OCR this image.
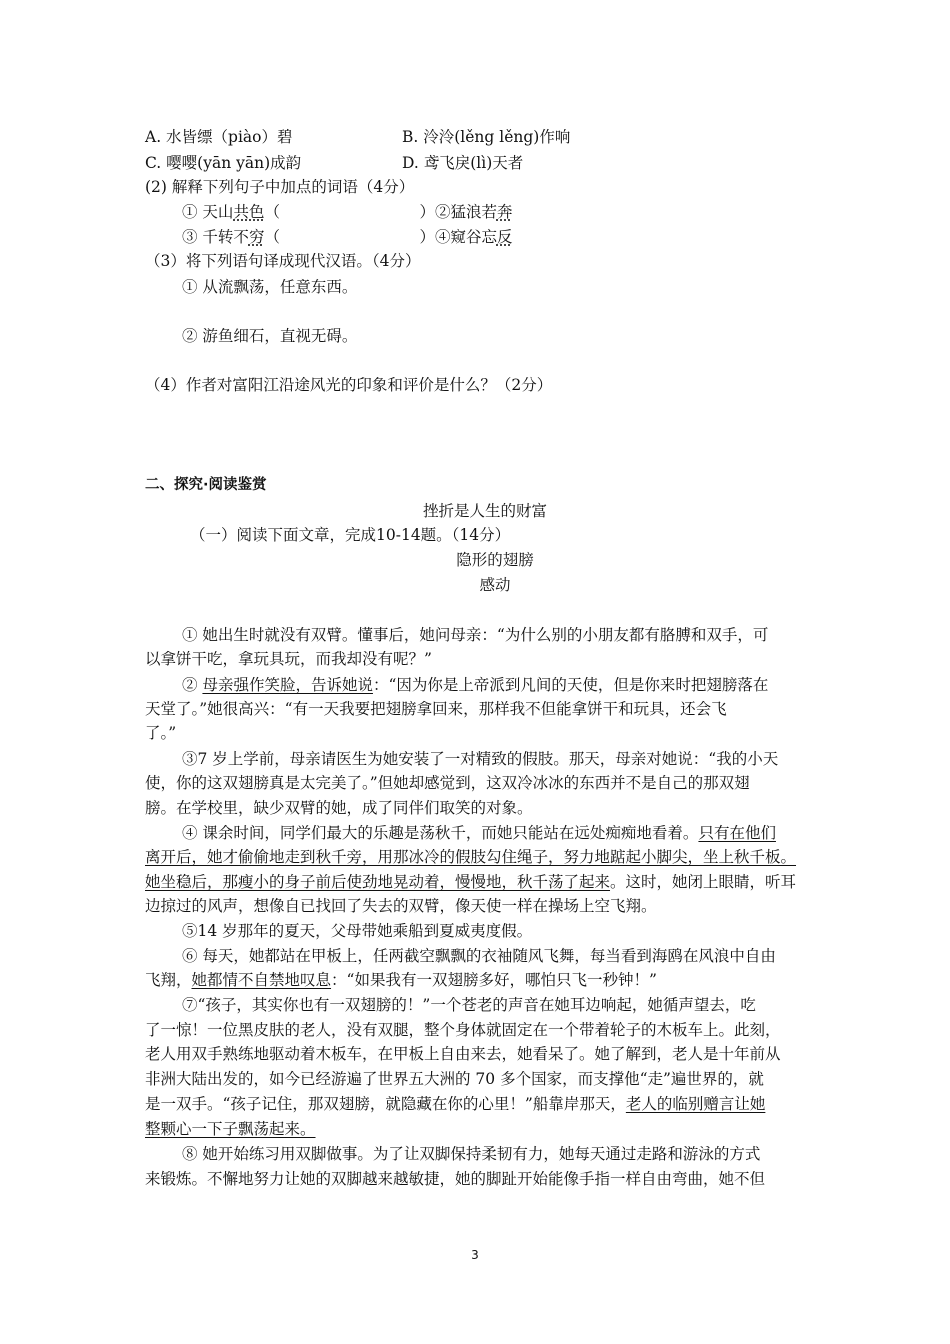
A. 水皆缥（piào）碧	B. 泠泠(lěng lěng)作响
C. 嘤嘤(yān yān)成韵	D. 鸢飞戾(lì)天者
(2) 解释下列句子中加点的词语（4分）
① 天山共色（　　　　　　　　　）②猛浪若奔
③ 千转不穷（　　　　　　　　　）④窥谷忘反
（3）将下列语句译成现代汉语。（4分）
① 从流飘荡，任意东西。
② 游鱼细石，直视无碍。
（4）作者对富阳江沿途风光的印象和评价是什么？（2分）
二、探究·阅读鉴赏
挫折是人生的财富
（一）阅读下面文章，完成10-14题。（14分）
隐形的翅膀
感动
① 她出生时就没有双臂。懂事后，她问母亲：“为什么别的小朋友都有胳膊和双手，可
以拿饼干吃，拿玩具玩，而我却没有呢？”
② 母亲强作笑脸，告诉她说：“因为你是上帝派到凡间的天使，但是你来时把翅膀落在
天堂了。”她很高兴：“有一天我要把翅膀拿回来，那样我不但能拿饼干和玩具，还会飞
了。”
③7 岁上学前，母亲请医生为她安装了一对精致的假肢。那天，母亲对她说：“我的小天
使，你的这双翅膀真是太完美了。”但她却感觉到，这双冷冰冰的东西并不是自己的那双翅
膀。在学校里，缺少双臂的她，成了同伴们取笑的对象。
④ 课余时间，同学们最大的乐趣是荡秋千，而她只能站在远处痴痴地看着。只有在他们
离开后，她才偷偷地走到秋千旁，用那冰冷的假肢勾住绳子，努力地踮起小脚尖，坐上秋千板。
她坐稳后，那瘦小的身子前后使劲地晃动着，慢慢地，秋千荡了起来。这时，她闭上眼睛，听耳
边掠过的风声，想像自已找回了失去的双臂，像天使一样在操场上空飞翔。
⑤14 岁那年的夏天，父母带她乘船到夏威夷度假。
⑥ 每天，她都站在甲板上，任两截空飘飘的衣袖随风飞舞，每当看到海鸥在风浪中自由
飞翔，她都情不自禁地叹息：“如果我有一双翅膀多好，哪怕只飞一秒钟！”
⑦“孩子，其实你也有一双翅膀的！”一个苍老的声音在她耳边响起，她循声望去，吃
了一惊！一位黑皮肤的老人，没有双腿，整个身体就固定在一个带着轮子的木板车上。此刻，
老人用双手熟练地驱动着木板车，在甲板上自由来去，她看呆了。她了解到，老人是十年前从
非洲大陆出发的，如今已经游遍了世界五大洲的 70 多个国家，而支撑他“走”遍世界的，就
是一双手。“孩子记住，那双翅膀，就隐藏在你的心里！”船靠岸那天，老人的临别赠言让她
整颗心一下子飘荡起来。
⑧ 她开始练习用双脚做事。为了让双脚保持柔韧有力，她每天通过走路和游泳的方式
来锻炼。不懈地努力让她的双脚越来越敏捷，她的脚趾开始能像手指一样自由弯曲，她不但
3
